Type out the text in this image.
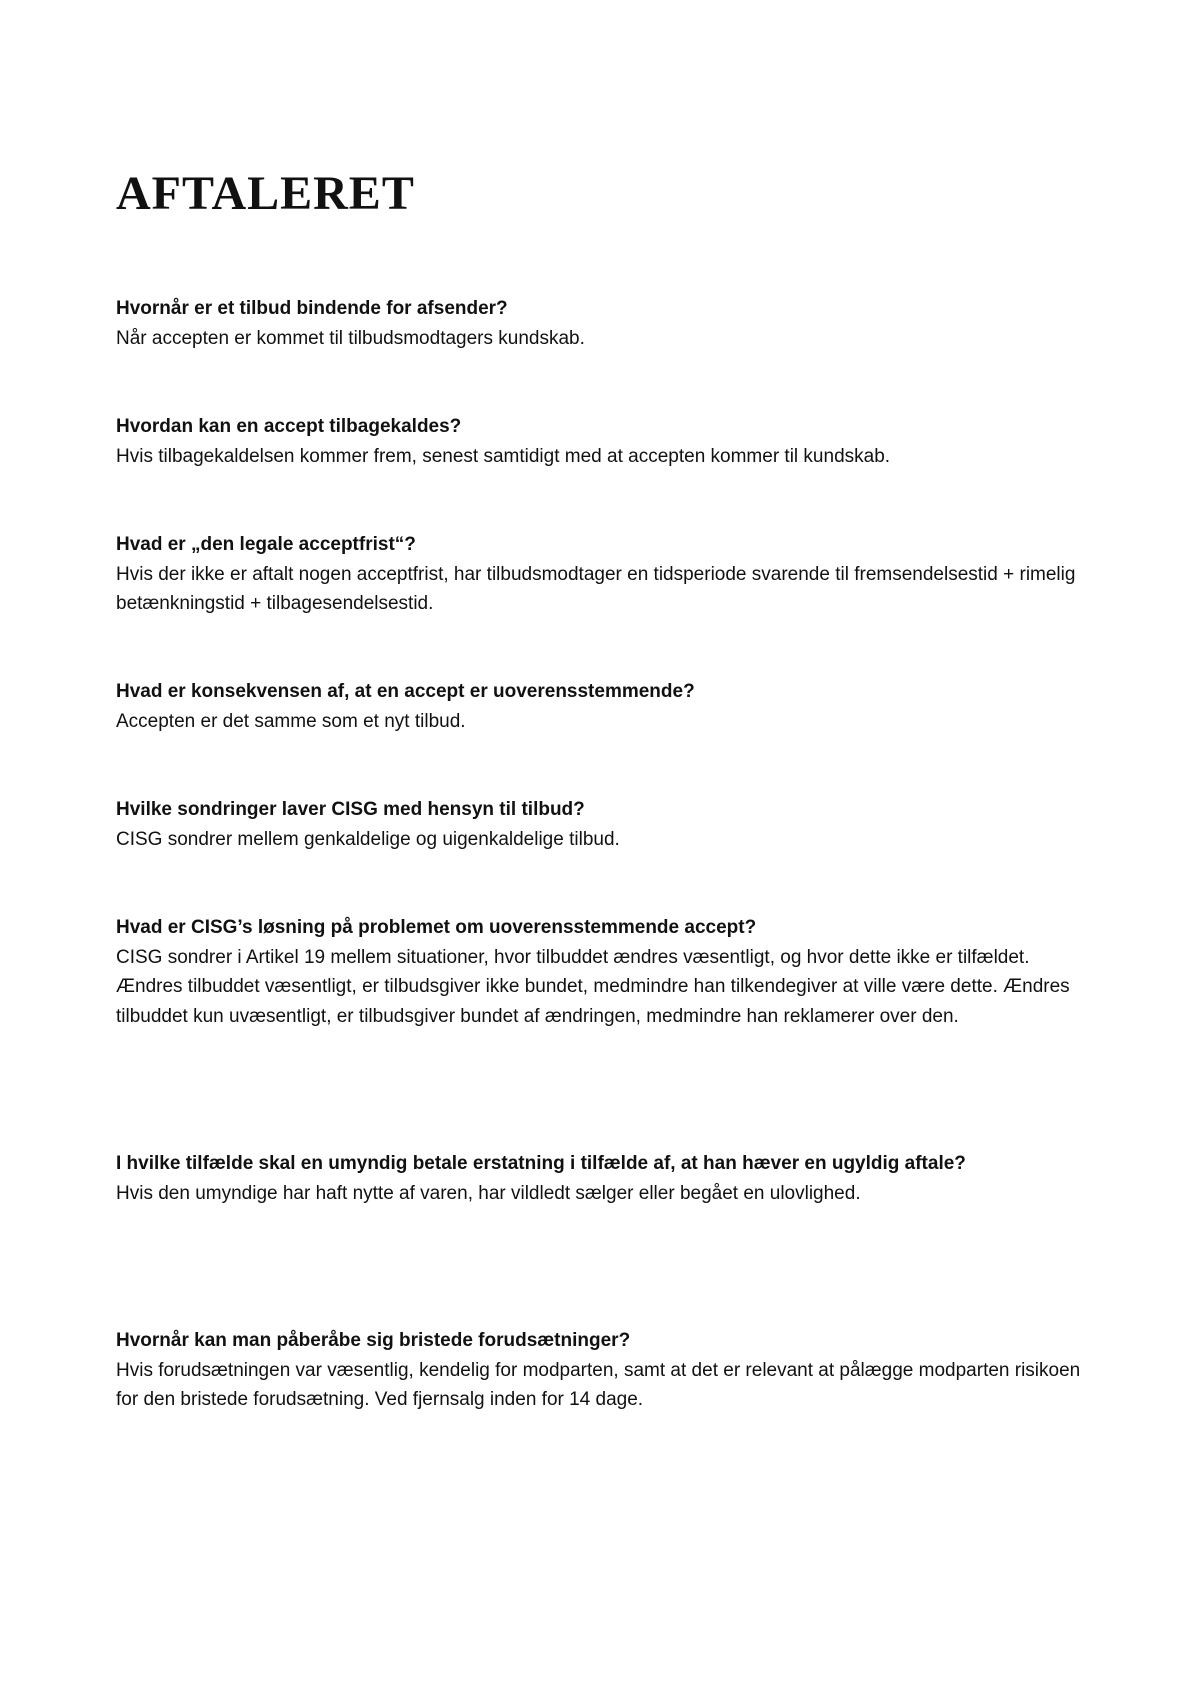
AFTALERET

Hvornår er et tilbud bindende for afsender?

Når accepten er kommet til tilbudsmodtagers kundskab.

Hvordan kan en accept tilbagekaldes?

Hvis tilbagekaldelsen kommer frem, senest samtidigt med at accepten kommer til kundskab.

Hvad er „den legale acceptfrist“?

Hvis der ikke er aftalt nogen acceptfrist, har tilbudsmodtager en tidsperiode svarende til fremsendelsestid + rimelig betænkningstid + tilbagesendelsestid.

Hvad er konsekvensen af, at en accept er uoverensstemmende?

Accepten er det samme som et nyt tilbud.

Hvilke sondringer laver CISG med hensyn til tilbud?

CISG sondrer mellem genkaldelige og uigenkaldelige tilbud.

Hvad er CISG’s løsning på problemet om uoverensstemmende accept?

CISG sondrer i Artikel 19 mellem situationer, hvor tilbuddet ændres væsentligt, og hvor dette ikke er tilfældet. Ændres tilbuddet væsentligt, er tilbudsgiver ikke bundet, medmindre han tilkendegiver at ville være dette. Ændres tilbuddet kun uvæsentligt, er tilbudsgiver bundet af ændringen, medmindre han reklamerer over den.

I hvilke tilfælde skal en umyndig betale erstatning i tilfælde af, at han hæver en ugyldig aftale?

Hvis den umyndige har haft nytte af varen, har vildledt sælger eller begået en ulovlighed.

Hvornår kan man påberåbe sig bristede forudsætninger?

Hvis forudsætningen var væsentlig, kendelig for modparten, samt at det er relevant at pålægge modparten risikoen for den bristede forudsætning. Ved fjernsalg inden for 14 dage.
